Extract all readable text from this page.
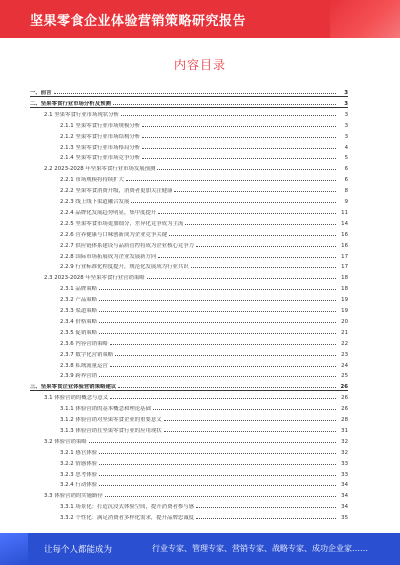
坚果零食企业体验营销策略研究报告
内容目录
一、前言	3
二、坚果零食行业市场分析及预测	3
2.1 坚果零食行业市场现状分析	3
2.1.1 坚果零食行业市场规模分析	3
2.1.2 坚果零食行业市场结构分析	3
2.1.3 坚果零食行业市场格局分析	4
2.1.4 坚果零食行业市场竞争分析	5
2.2 2023-2028 年坚果零食行业市场发展预测	6
2.2.1 市场规模将持续扩大	6
2.2.2 坚果零食消费升级，消费者更加关注健康	8
2.2.3 线上线下渠道融合发展	9
2.2.4 品牌化发展趋势明显，集中度提升	11
2.2.5 坚果零食市场更加细分，差异化竞争成为主流	14
2.2.6 营养健康与口味创新成为企业竞争关键	16
2.2.7 供应链体系建设与品质管控将成为企业核心竞争力	16
2.2.8 国际市场拓展成为企业发展新方向	17
2.2.9 行业标准化程度提升，规范化发展成为行业共识	17
2.3 2023-2028 年坚果零食行业营销策略	18
2.3.1 品牌策略	18
2.3.2 产品策略	19
2.3.3 渠道策略	19
2.3.4 价格策略	20
2.3.5 促销策略	21
2.3.6 内容营销策略	22
2.3.7 数字化营销策略	23
2.3.8 私域流量运营	24
2.3.9 跨界营销	25
三、坚果零食企业体验营销策略建议	26
3.1 体验营销的概念与意义	26
3.1.1 体验营销的基本概念和理论基础	26
3.1.2 体验营销对坚果零食企业的重要意义	28
3.1.3 体验营销在坚果零食行业的应用现状	31
3.2 体验营销策略	32
3.2.1 感官体验	32
3.2.2 情感体验	33
3.2.3 思考体验	33
3.2.4 行动体验	34
3.3 体验营销的实施路径	34
3.3.1 场景化：打造沉浸式体验空间，提升消费者参与感	34
3.3.2 个性化：满足消费者多样化需求，提升品牌忠诚度	35
让每个人都能成为	行业专家、管理专家、营销专家、战略专家、成功企业家……
